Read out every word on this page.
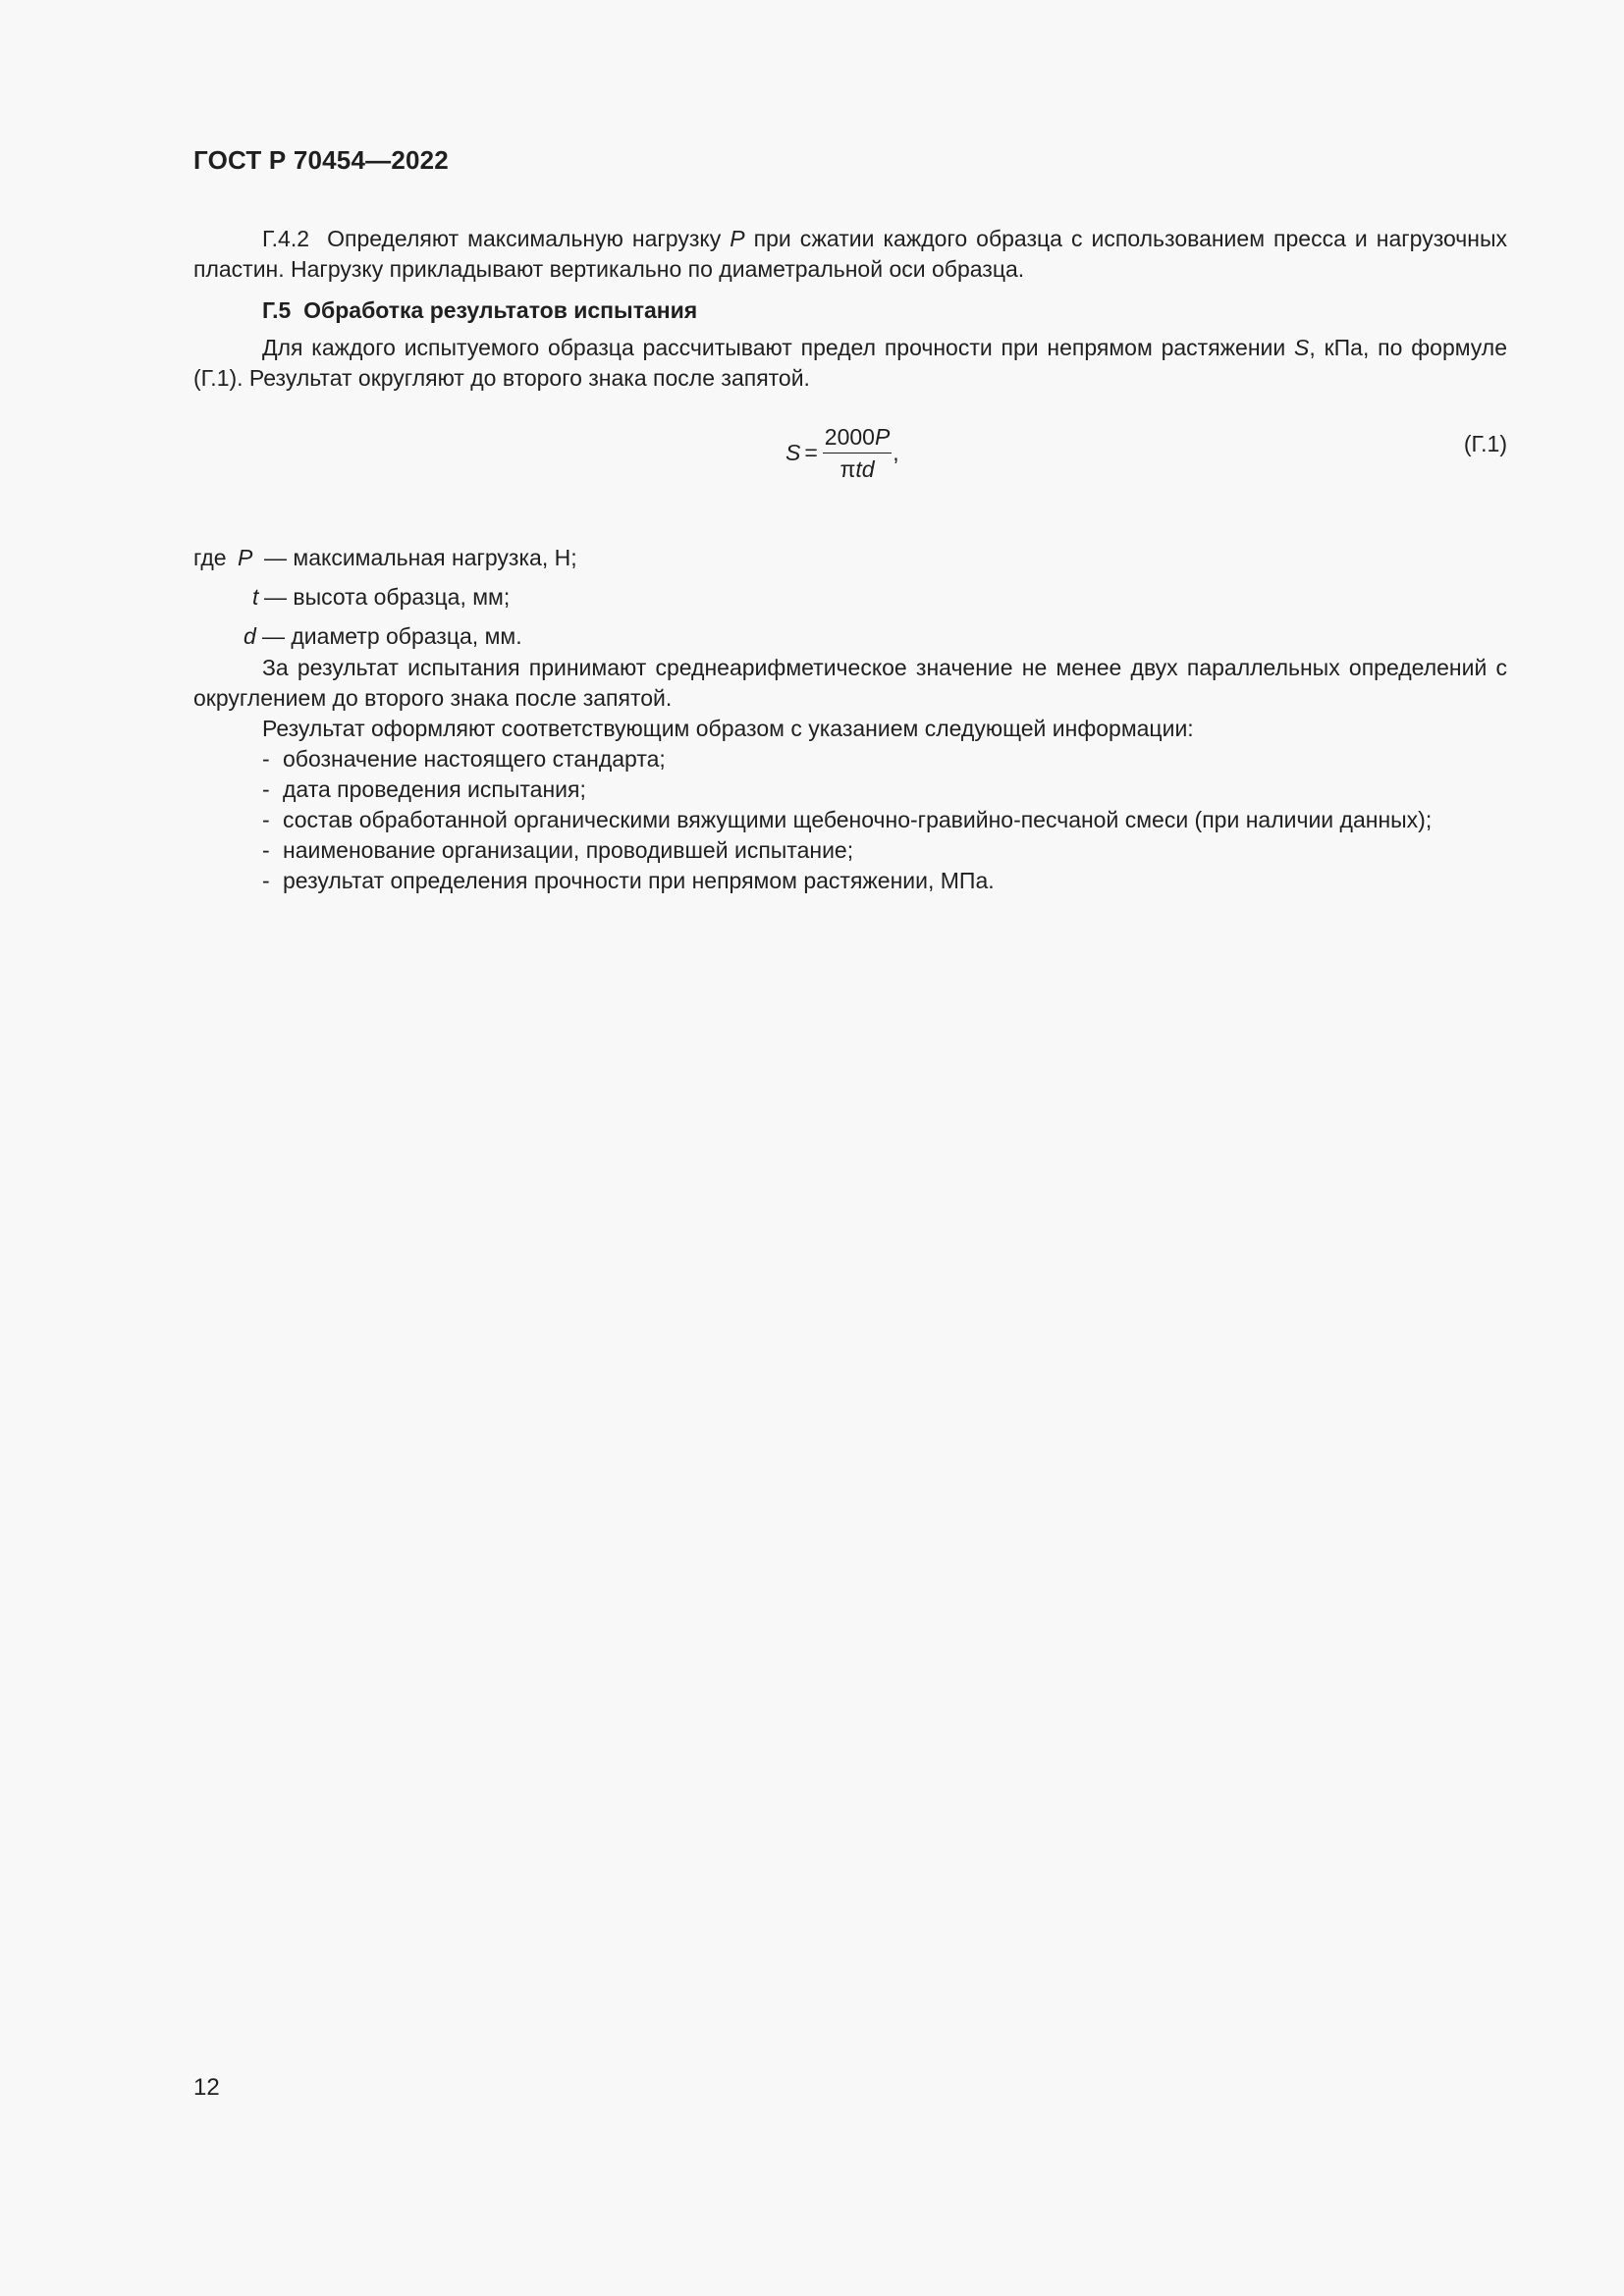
ГОСТ Р 70454—2022

Г.4.2 Определяют максимальную нагрузку P при сжатии каждого образца с использованием пресса и нагрузочных пластин. Нагрузку прикладывают вертикально по диаметральной оси образца.

Г.5 Обработка результатов испытания

Для каждого испытуемого образца рассчитывают предел прочности при непрямом растяжении S, кПа, по формуле (Г.1). Результат округляют до второго знака после запятой.

$S = \frac{2000P}{\text{πtd}}$ ,	(Г.1)
где P — максимальная нагрузка, Н;
t — высота образца, мм;
d — диаметр образца, мм.

За результат испытания принимают среднеарифметическое значение не менее двух параллельных определений с округлением до второго знака после запятой.

Результат оформляют соответствующим образом с указанием следующей информации:

- обозначение настоящего стандарта;

- дата проведения испытания;

- состав обработанной органическими вяжущими щебеночно-гравийно-песчаной смеси (при наличии данных);

- наименование организации, проводившей испытание;

- результат определения прочности при непрямом растяжении, МПа.

12
